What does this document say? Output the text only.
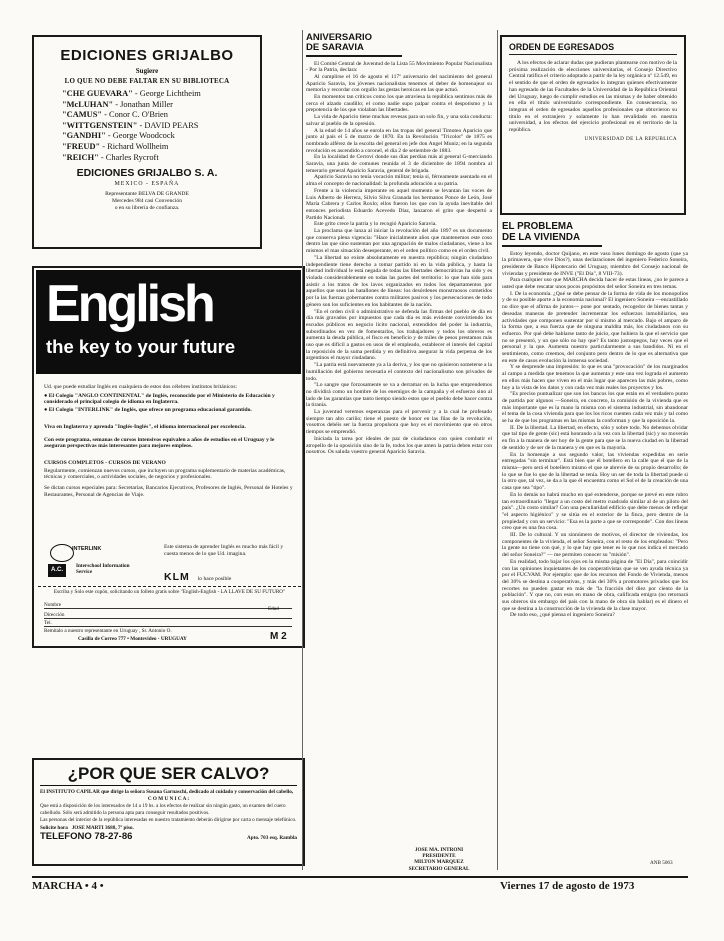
EDICIONES GRIJALBO
Sugiere
LO QUE NO DEBE FALTAR EN SU BIBLIOTECA
"CHE GUEVARA" - George Lichtheim
"McLUHAN" - Jonathan Miller
"CAMUS" - Conor C. O'Brien
"WITTGENSTEIN" - DAVID PEARS
"GANDHI" - George Woodcock
"FREUD" - Richard Wollheim
"REICH" - Charles Rycroft
EDICIONES GRIJALBO S. A.
MEXICO - ESPAÑA
Representante BELVA DE GRANDE
Mercedes 984 casi Convención
o en su librería de confianza.
English
the key to your future
Ud. que puede estudiar Inglés en cualquiera de estos dos célebres institutos británicos:
● El Colegio "ANGLO CONTINENTAL" de Inglés, reconocido por el Ministerio de Educación y considerado el principal colegio de idioma en Inglaterra.
● El Colegio "INTERLINK" de Inglés, que ofrece un programa educacional garantido.
Viva en Inglaterra y aprenda "Inglés-Inglés", el idioma internacional por excelencia.
Con este programa, semanas de cursos intensivos equivalen a años de estudios en el Uruguay y le aseguran perspectivas más interesantes para mejores empleos.
CURSOS COMPLETOS - CURSOS DE VERANO
Regularmente, comienzan nuevos cursos, que incluyen un programa suplementario de materias académicas, técnicas y comerciales, o actividades sociales, de negocios y profesionales.
Se dictan cursos especiales para: Secretarias, Bancarios Ejecutivos, Profesores de Inglés, Personal de Hoteles y Restaurantes, Personal de Agencias de Viaje.
INTERLINK
A.C.
Interschool Information Service
Este sistema de aprender Inglés es mucho más fácil y cuesta menos de lo que Ud. imagina.
KLM lo hace posible
Escriba y Solo este cupón, solicitando un folleto gratis sobre "English-English - LA LLAVE DE SU FUTURO"
Nombre
Edad
Dirección
Tel.
Remítalo a nuestro representante en Uruguay , Sr. Antonio O.
Casilla de Correo 777 • Montevideo - URUGUAY	M 2
¿POR QUE SER CALVO?
El INSTITUTO CAPILAR que dirige la señora Susana Garnaschi, dedicado al cuidado y conservación del cabello,
C O M U N I C A :
Que está a disposición de los interesados de 14 a 19 hs. a los efectos de realizar sin ningún gasto, un examen del cuero cabelludo. Sólo será admitido la persona apta para conseguir resultados positivos.
Las personas del interior de la república interesadas en nuestro tratamiento deberán dirigirse por carta o mensaje telefónico.
Solicite hora JOSE MARTI 3688, 7º piso.
TELEFONO 78-27-86	Apto. 703 esq. Rambla
ANIVERSARIO
DE SARAVIA

El Comité Central de Juventud de la Lista 55 Movimiento Popular Nacionalista - Por la Patria, declara:

Al cumplirse el 16 de agosto el 117º aniversario del nacimiento del general Aparicio Saravia, los jóvenes nacionalistas tenemos el deber de homenajear su memoria y recordar con orgullo las gestas heroicas en las que actuó.

En momentos tan críticos como los que atraviesa la república sentimos más de cerca el alzado caudillo; el como nadie supo palpar contra el despotismo y la prepotencia de los que violaban las libertades.

La vida de Aparicio tiene muchas revesas para un solo fin, y una sola conducta: salvar al pueblo de la opresión.

A la edad de 14 años se enrola en las tropas del general Timoteo Aparicio que junto al país el 5 de marzo de 1870. En la Revolución "Tricolor" de 1875 es nombrado alférez de la escolta del general en jefe don Angel Muniz; en la segunda revolución es ascendido a coronel, el día 2 de setiembre de 1883.

En la localidad de Cerroví donde sus días perdían más al general G-merciando Saravia, una junta de comunes reunida el 3 de diciembre de 1894 nombra al temerario general Aparicio Saravia, general de brigada.

Aparicio Saravia no tenía vocación militar; tenía sí, férreamente asentado en el alma el concepto de nacionalidad: la profunda adoración a su patria.

Frente a la violencia imperante en aquel momento se levantan las voces de Luis Alberto de Herrera, Silvio Silva Granada los hermanos Ponce de León, José María Cabrera y Carlos Roxlo; ellos fueron los que con la ayuda inevitable del entonces periodista Eduardo Acevedo Díaz, lanzaron el grito que despertó a Partido Nacional.

Este grito crece la patria y lo recogió Aparicio Saravia.

La proclama que lanza al iniciar la revolución del año 1897 es un documento que conserva plena vigencia: "Hace inicialmente años que mantenemos este coso dentro las que sino sustentan por una agrupación de malos ciudadanos, viene a los mismos el mas situación desesperante, en el orden político como en el orden civil.

"La libertad no existe absolutamente en nuestra república; ningún ciudadano independiente tiene derecho a tomar partido ni en la vida pública, y hasta la libertad individual le está negada de todas las libertades democráticas ha sido y es violada considerablemente en todas las partes del territorio: lo que han sido para asistir a los tratos de los lavos organizados en todos los departamentos por aquellos que sean las batallones de líneas: los desórdenes monstruosos cometidos por la las fuerzas gobernantes contra militares pasivos y los persecuciones de todo género son los suficientes en los habitantes de la nación.

"En el orden civil o administrativo se defenda las firmas del pueblo de día en día más gravados por impuestos que cada día es más evidente convirtiendo los escudos públicos en negocio lícito nacional, extendidos del poder la industria, subordinados en vez de fomentarlos, los trabajadores y todos los obreros es aumenta la deuda pública, el fisco en beneficio y de miles de pesos prestamos más uso que es difícil a gastos en usos de el empleado, establecer el interés del capital la reposición de la suma perdida y en definitiva asegurar la vida perpetua de los argentinos el mayor ciudadano.

"La patria está nuevamente ya a la deriva, y los que no quisieron someterse a la humillación del gobierno necesaria el contexto del nacionalismo son privados de todo.

"Lo sangre que forzosamente se va a derramar en la lucha que emprendemos no dividirá como un hombre de los enemigos de la campaña y el esfuerzo sino al lado de las garantías que tanto tiempo siendo estos que el pueblo debe hacer contra la tiranía.

La juventud veremos esperanzas para el porvenir y a la cual he profesado siempre tan alto cariño; tiene el puesto de honor en las filas de la revolución, vosotros debéis ser la fuerza propulsora que hoy es el movimiento que en otros tiempos se emprendió.

Iniciada la tarea por ideales de paz de ciudadanos con quien combatir el atropello de la oposición sino de la fe, todos los que amen la patria deben estar con nosotros. Os saluda vuestro general Aparicio Saravia.

JOSE MA. INTRONI
PRESIDENTE
MILTON MARQUEZ
SECRETARIO GENERAL
ORDEN DE EGRESADOS
A los efectos de aclarar dudas que pudieran plantearse con motivo de la próxima realización de elecciones universitarias, el Consejo Directivo Central ratifica el criterio adoptado a partir de la ley orgánica nº 12.549, en el sentido de que el orden de egresados lo integran quienes efectivamente han egresado de las Facultades de la Universidad de la República Oriental del Uruguay, luego de cumplir estudios en las mismas y de haber obtenido en ella el título universitario correspondiente. En consecuencia, no integran el orden de egresados aquellos profesionales que obtuvieron su título en el extranjero y solamente lo han revalidado en nuestra universidad, a los efectos del ejercicio profesional en el territorio de la república.
UNIVERSIDAD DE LA REPUBLICA
EL PROBLEMA
DE LA VIVIENDA

Estoy leyendo, doctor Quijano, en este vaso lunes domingo de agosto (que ya la primavera, que vive Dios?), unas declaraciones del ingeniero Federico Soneira, presidente de Banco Hipotecario del Uruguay, miembro del Consejo nacional de viviendas y presidente de INVE ("El Día", 8 VIII-73).

Para cualquier uso que MARCHA decida hacer de estas líneas, ¿no le parece a usted que debe rescatar unos pocos propósitos del señor Soneira en tres temas.

I. De la economía. ¿Qué se debe pensar de la forma de vida de los monopolios y de su posible aporte a la economía nacional? El ingeniero Soneira —encastillado no dice que el afirma de juntos— pone por sentado, recogedor de bienes tantas y deseadas maneras de pretender incrementar los esfuerzos inmobiliarios, sea actividades que componen sustentar por sí mismo al mercado. Bajo el amparo de la forma que, a esa fuerza que de ninguna maldita más, los ciudadanos con su esfuerzo. Por qué debe hablarse tanto de juicio, que hubiera la que el servicio que no se presentó, y un que sólo no hay que? Es tanto justospegos, hay veces que el personal y la que. Aumenta nuestro particularmente a sus bandidos. Ni en el sentimiento, como creemos, del conjunto pero dentro de lo que es alternativa que en este de casos evolución la inmensa sociedad.

Y se desprende una impresión: lo que es una "provocación" de los marginados al campo a medida que tenemos la que aumenta y este una vez lograda el aumento en ellos más hacen que viven en el más lugar que aparecen las más pobres, como hoy a la vista de los datos y con cada vez más reales los proyectos y los.

"Es preciso puntualizar que son los bancos los que están en el verdadero punto de partida por algunos —Soneira, en concreto, la comisión de la vivienda que es más importante que es la mano la misma con el sistema industrial, sin abandonar el tema de la cosa vivienda para que los los ricos cuenten cada vez más y tal como se ha de que los programas en las mismas la conforman y que la oposición la.

II. De la libertad. La libertad, en efecto, sólo y sobre todo. No debemos olvidar que tal tipo de gente (sic) está honrando a la vez con la libertad (sic) y no moverán en fin a la manera de ser hoy de la gente para que se la nueva ciudad en la libertad de sentido y de ser de la manera y en que es la mayoría.

En la homenaje a sus segundo valor, las viviendas expedidas en serie entregadas "sin terminar". Está bien que él botellero en la calle que el que de la misma—pero será el botellero mismo el que se abrevie de su propio desarrollo; de lo que se fue lo que de la libertad se tenía. Hoy un ser de toda la libertad puede si la otro que, tal vez, se da a la que él encuentra como el Sol el de la creación de una casa que sea "tipo".

En lo demás no habrá mucho en qué extenderse, porque se prevé en este rubro tan extraordinario "llegar a un costo del metro cuadrado similar al de un piloto del país". ¿Un costo similar? Con una peculiaridad edificio que debe menos de reflejar "el aspecto higiénico" y se sitúa en el exterior de la finca, pero dentro de la propiedad y con un servicio: "Esa es la parte a que se corresponde". Con dos líneas creo que es una fea cosa.

III. De lo cultural. Y un sinnúmero de motivos, el director de viviendas, los componentes de la vivienda, el señor Soneira, con el resto de los empleados: "Pero la gente no tiene con qué, y lo que hay que tener es lo que nos indica el mercado del señor Soneira?" — me permiten conocer su "misión".

En realidad, todo bajar los ojos en la misma página de "El Día", para coincidir con las opiniones inquietantes de los cooperativistas que se ven ayuda técnica ya por el FUCVAM. Por ejemplo: que de los recursos del Fondo de Vivienda, menos del 30% se destina a cooperativas, y más del 30% a promotores privados que los recortes no pueden gastar en más de "la fracción del diez por ciento de la población". Y que no, con esos en mano de obra, calificada emigra (no retornará sus obreros sin embargo del país con la mano de obra sin hablar) es el dinero el que se destina a la construcción de la vivienda de la clase mayor.

De todo eso, ¿qué piensa el ingeniero Soneira?

ANB 5063
MARCHA • 4 •	Viernes 17 de agosto de 1973
